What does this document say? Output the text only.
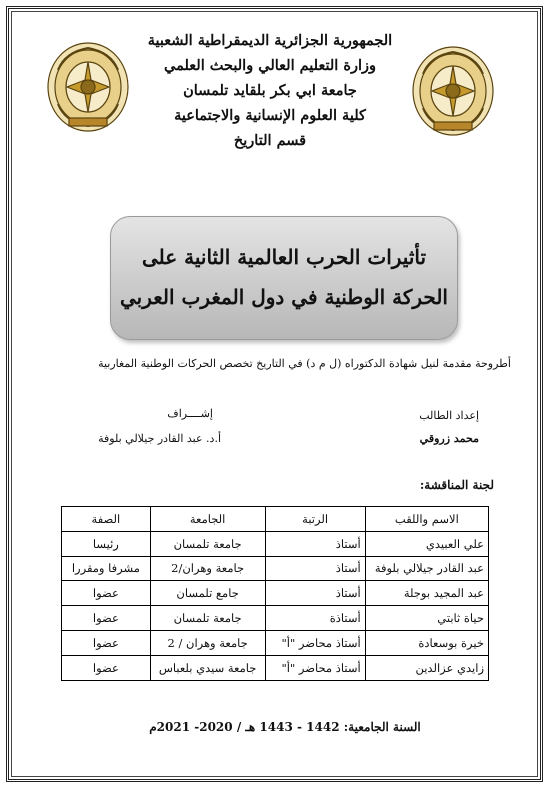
الجمهورية الجزائرية الديمقراطية الشعبية
وزارة التعليم العالي والبحث العلمي
جامعة ابي بكر بلقايد تلمسان
كلية العلوم الإنسانية والاجتماعية
قسم التاريخ
تأثيرات الحرب العالمية الثانية على
الحركة الوطنية في دول المغرب العربي
أطروحة مقدمة لنيل شهادة الدكتوراه (ل م د) في التاريخ تخصص الحركات الوطنية المغاربية
إعداد الطالب
محمد زروقي
إشــــراف
أ.د. عبد القادر جيلالي بلوفة
لجنة المناقشة:
الاسم واللقب	الرتبة	الجامعة	الصفة
علي العبيدي	أستاذ	جامعة تلمسان	رئيسا
عبد القادر جيلالي بلوفة	أستاذ	جامعة وهران/2	مشرفا ومقررا
عبد المجيد بوجلة	أستاذ	جامع تلمسان	عضوا
حياة ثابتي	أستاذة	جامعة تلمسان	عضوا
خيرة بوسعادة	أستاذ محاضر "أ"	جامعة وهران / 2	عضوا
زايدي عزالدين	أستاذ محاضر "أ"	جامعة سيدي بلعباس	عضوا
السنة الجامعية: 1442 - 1443 هـ / 2020- 2021م
